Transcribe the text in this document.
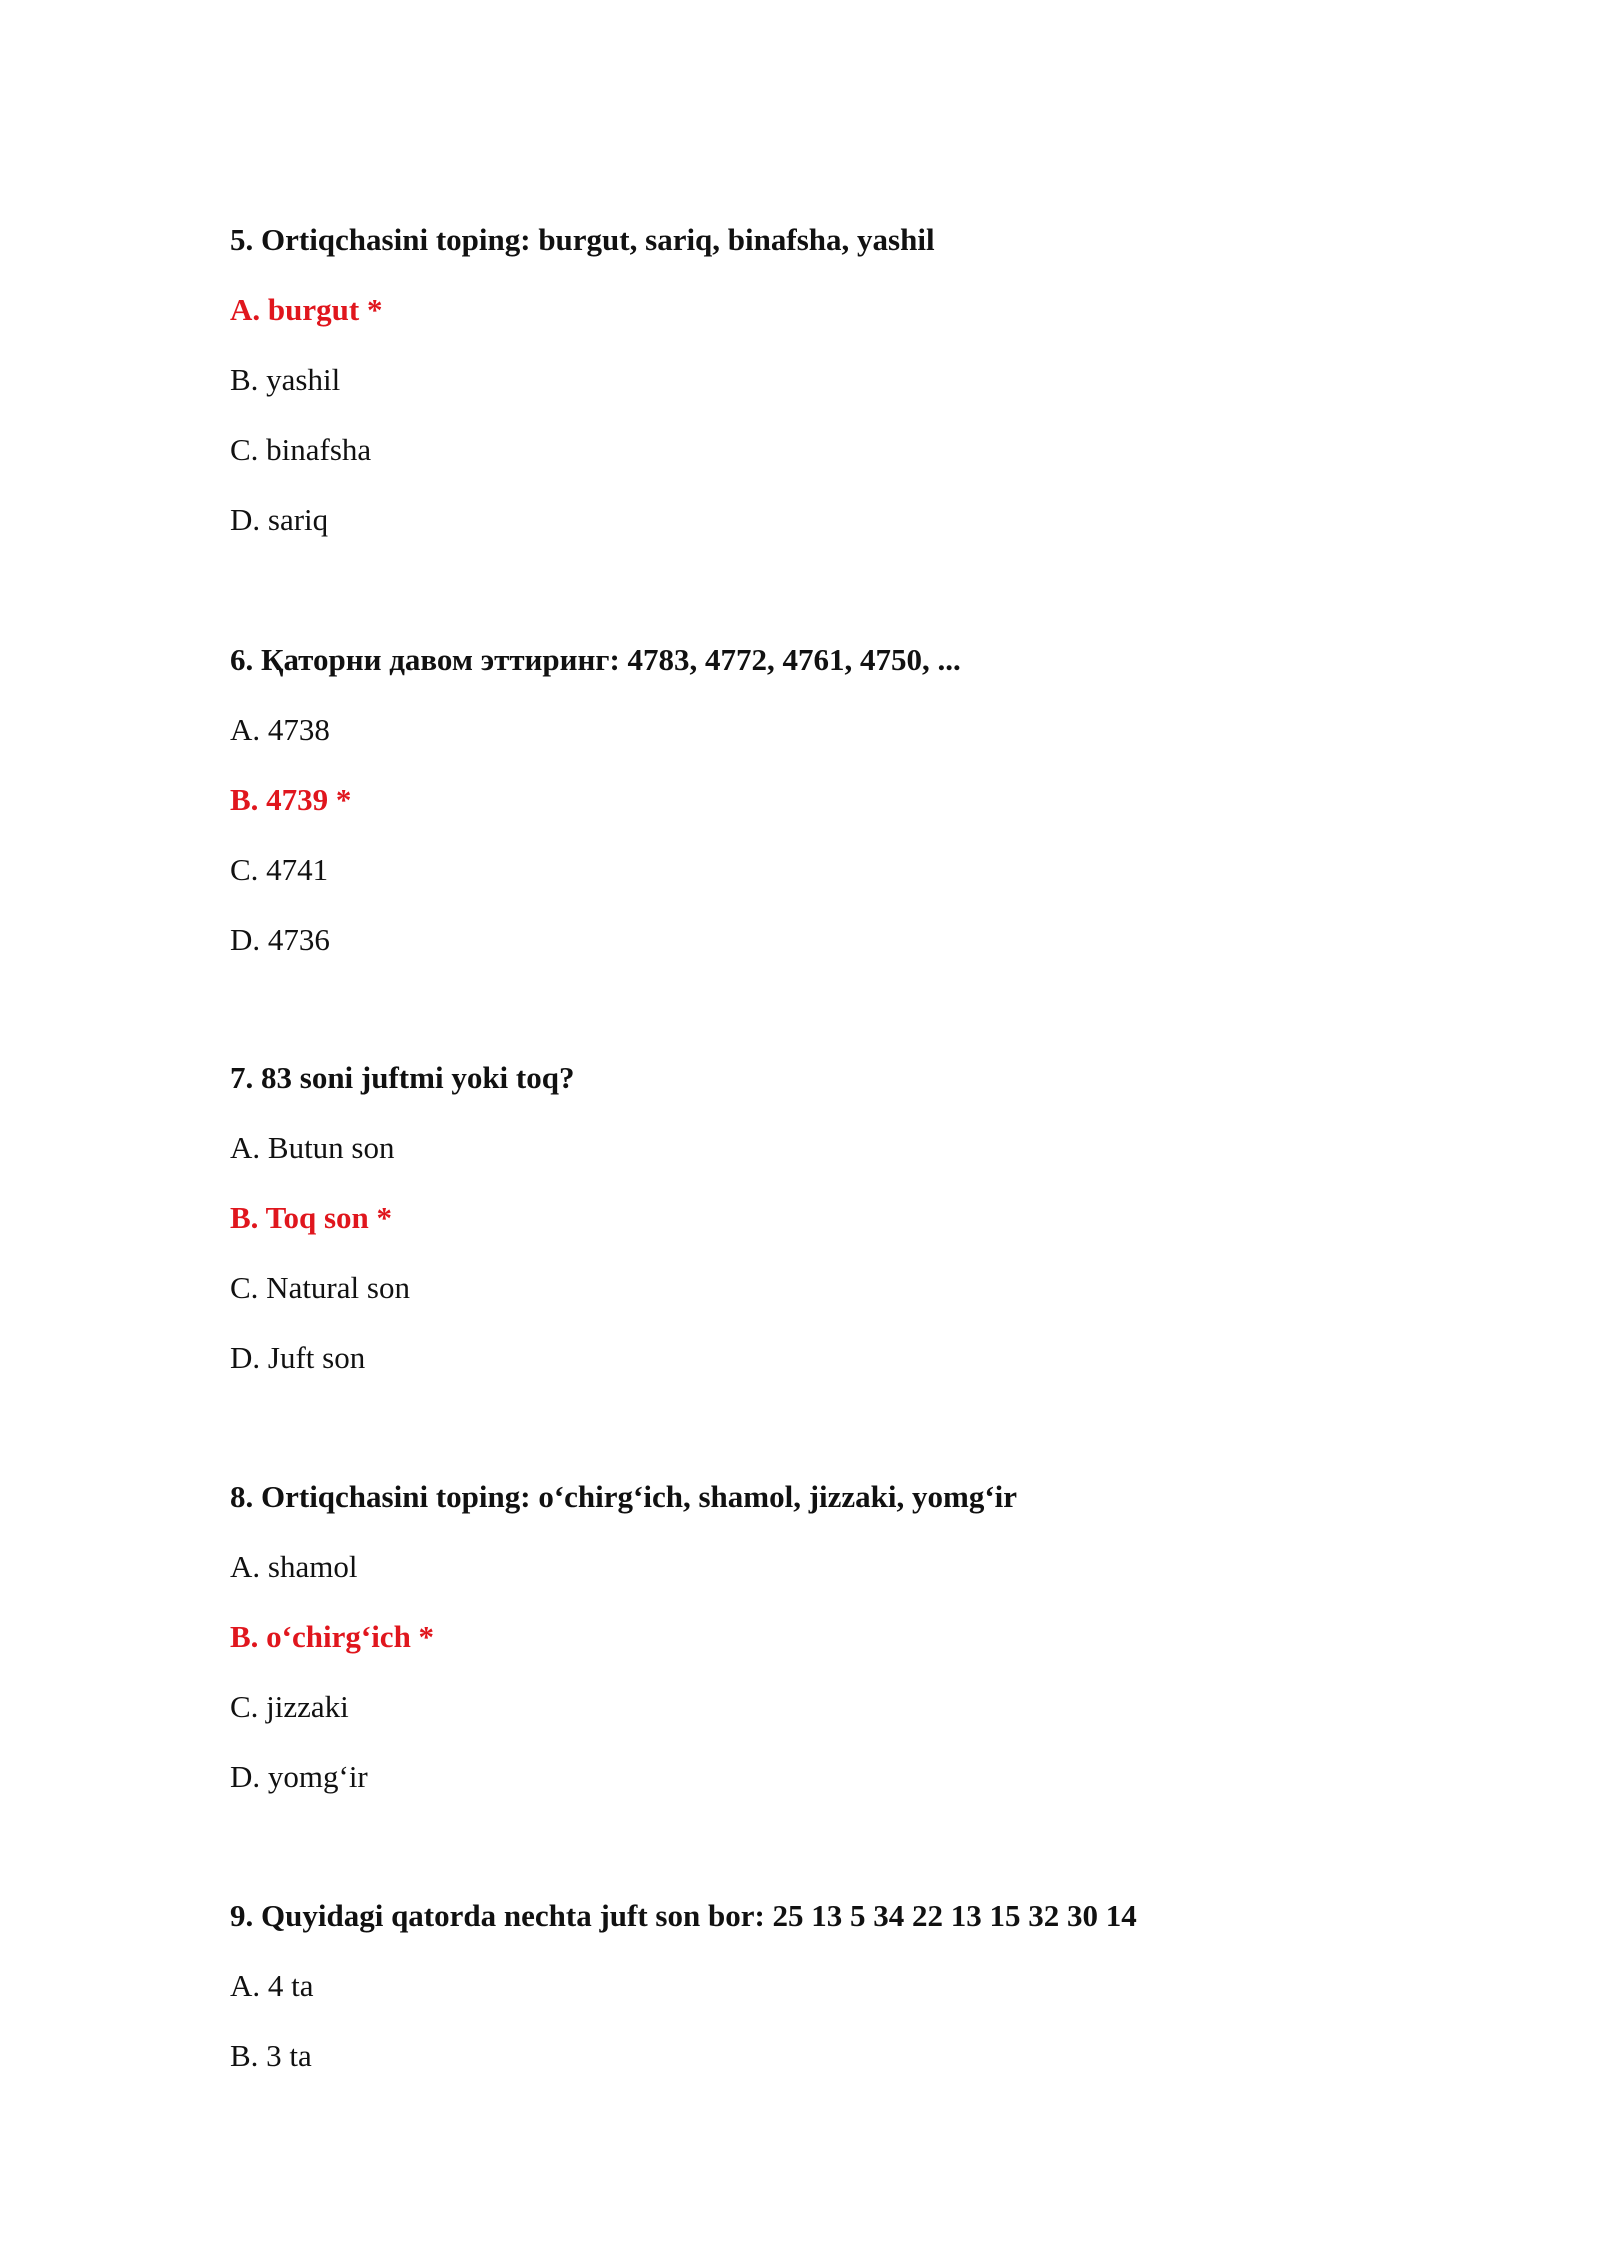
5. Ortiqchasini toping: burgut, sariq, binafsha, yashil
A. burgut *
B. yashil
C. binafsha
D. sariq
6. Қаторни давом эттиринг: 4783, 4772, 4761, 4750, ...
A. 4738
B. 4739 *
C. 4741
D. 4736
7. 83 soni juftmi yoki toq?
A. Butun son
B. Toq son *
C. Natural son
D. Juft son
8. Ortiqchasini toping: o‘chirg‘ich, shamol, jizzaki, yomg‘ir
A. shamol
B. o‘chirg‘ich *
C. jizzaki
D. yomg‘ir
9. Quyidagi qatorda nechta juft son bor: 25 13 5 34 22 13 15 32 30 14
A. 4 ta
B. 3 ta
